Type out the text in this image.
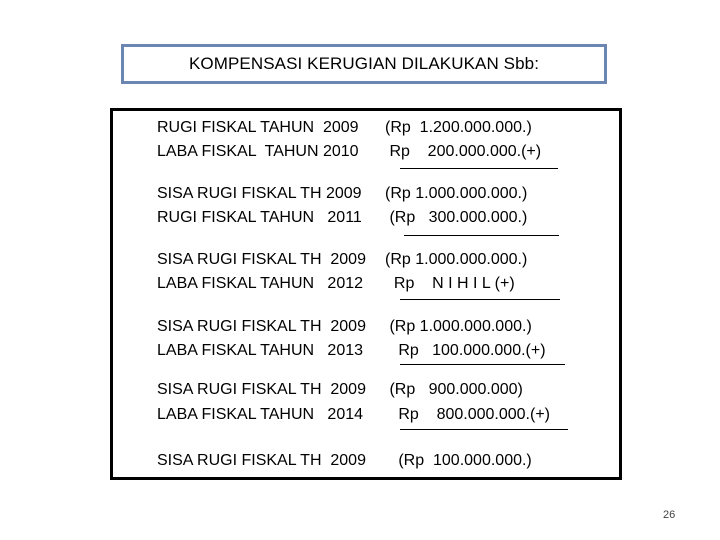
KOMPENSASI KERUGIAN DILAKUKAN Sbb:
RUGI FISKAL TAHUN  2009 (Rp  1.200.000.000.)
LABA FISKAL  TAHUN 2010 Rp    200.000.000.(+)
SISA RUGI FISKAL TH 2009 (Rp 1.000.000.000.)
RUGI FISKAL TAHUN   2011 (Rp   300.000.000.)
SISA RUGI FISKAL TH  2009 (Rp 1.000.000.000.)
LABA FISKAL TAHUN   2012 Rp    N I H I L (+)
SISA RUGI FISKAL TH  2009 (Rp 1.000.000.000.)
LABA FISKAL TAHUN   2013 Rp   100.000.000.(+)
SISA RUGI FISKAL TH  2009 (Rp   900.000.000)
LABA FISKAL TAHUN   2014 Rp    800.000.000.(+)
SISA RUGI FISKAL TH  2009 (Rp  100.000.000.)
26
